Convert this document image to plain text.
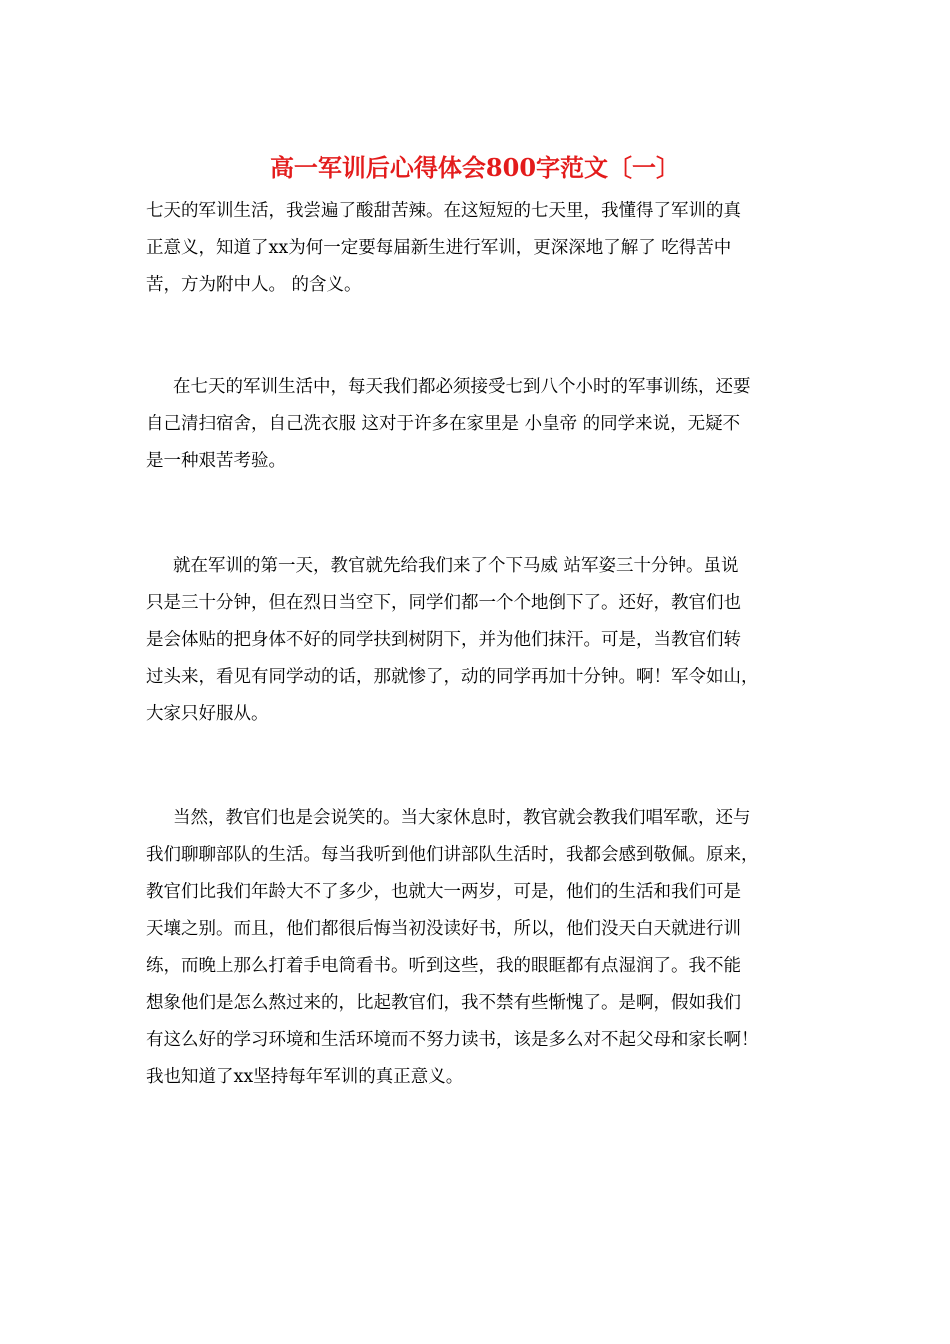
高一军训后心得体会800字范文〔一〕
七天的军训生活，我尝遍了酸甜苦辣。在这短短的七天里，我懂得了军训的真
正意义，知道了xx为何一定要每届新生进行军训，更深深地了解了 吃得苦中
苦，方为附中人。 的含义。
在七天的军训生活中，每天我们都必须接受七到八个小时的军事训练，还要
自己清扫宿舍，自己洗衣服 这对于许多在家里是 小皇帝 的同学来说，无疑不
是一种艰苦考验。
就在军训的第一天，教官就先给我们来了个下马威 站军姿三十分钟。虽说
只是三十分钟，但在烈日当空下，同学们都一个个地倒下了。还好，教官们也
是会体贴的把身体不好的同学扶到树阴下，并为他们抹汗。可是，当教官们转
过头来，看见有同学动的话，那就惨了，动的同学再加十分钟。啊！军令如山，
大家只好服从。
当然，教官们也是会说笑的。当大家休息时，教官就会教我们唱军歌，还与
我们聊聊部队的生活。每当我听到他们讲部队生活时，我都会感到敬佩。原来，
教官们比我们年龄大不了多少，也就大一两岁，可是，他们的生活和我们可是
天壤之别。而且，他们都很后悔当初没读好书，所以，他们没天白天就进行训
练，而晚上那么打着手电筒看书。听到这些，我的眼眶都有点湿润了。我不能
想象他们是怎么熬过来的，比起教官们，我不禁有些惭愧了。是啊，假如我们
有这么好的学习环境和生活环境而不努力读书，该是多么对不起父母和家长啊！
我也知道了xx坚持每年军训的真正意义。
